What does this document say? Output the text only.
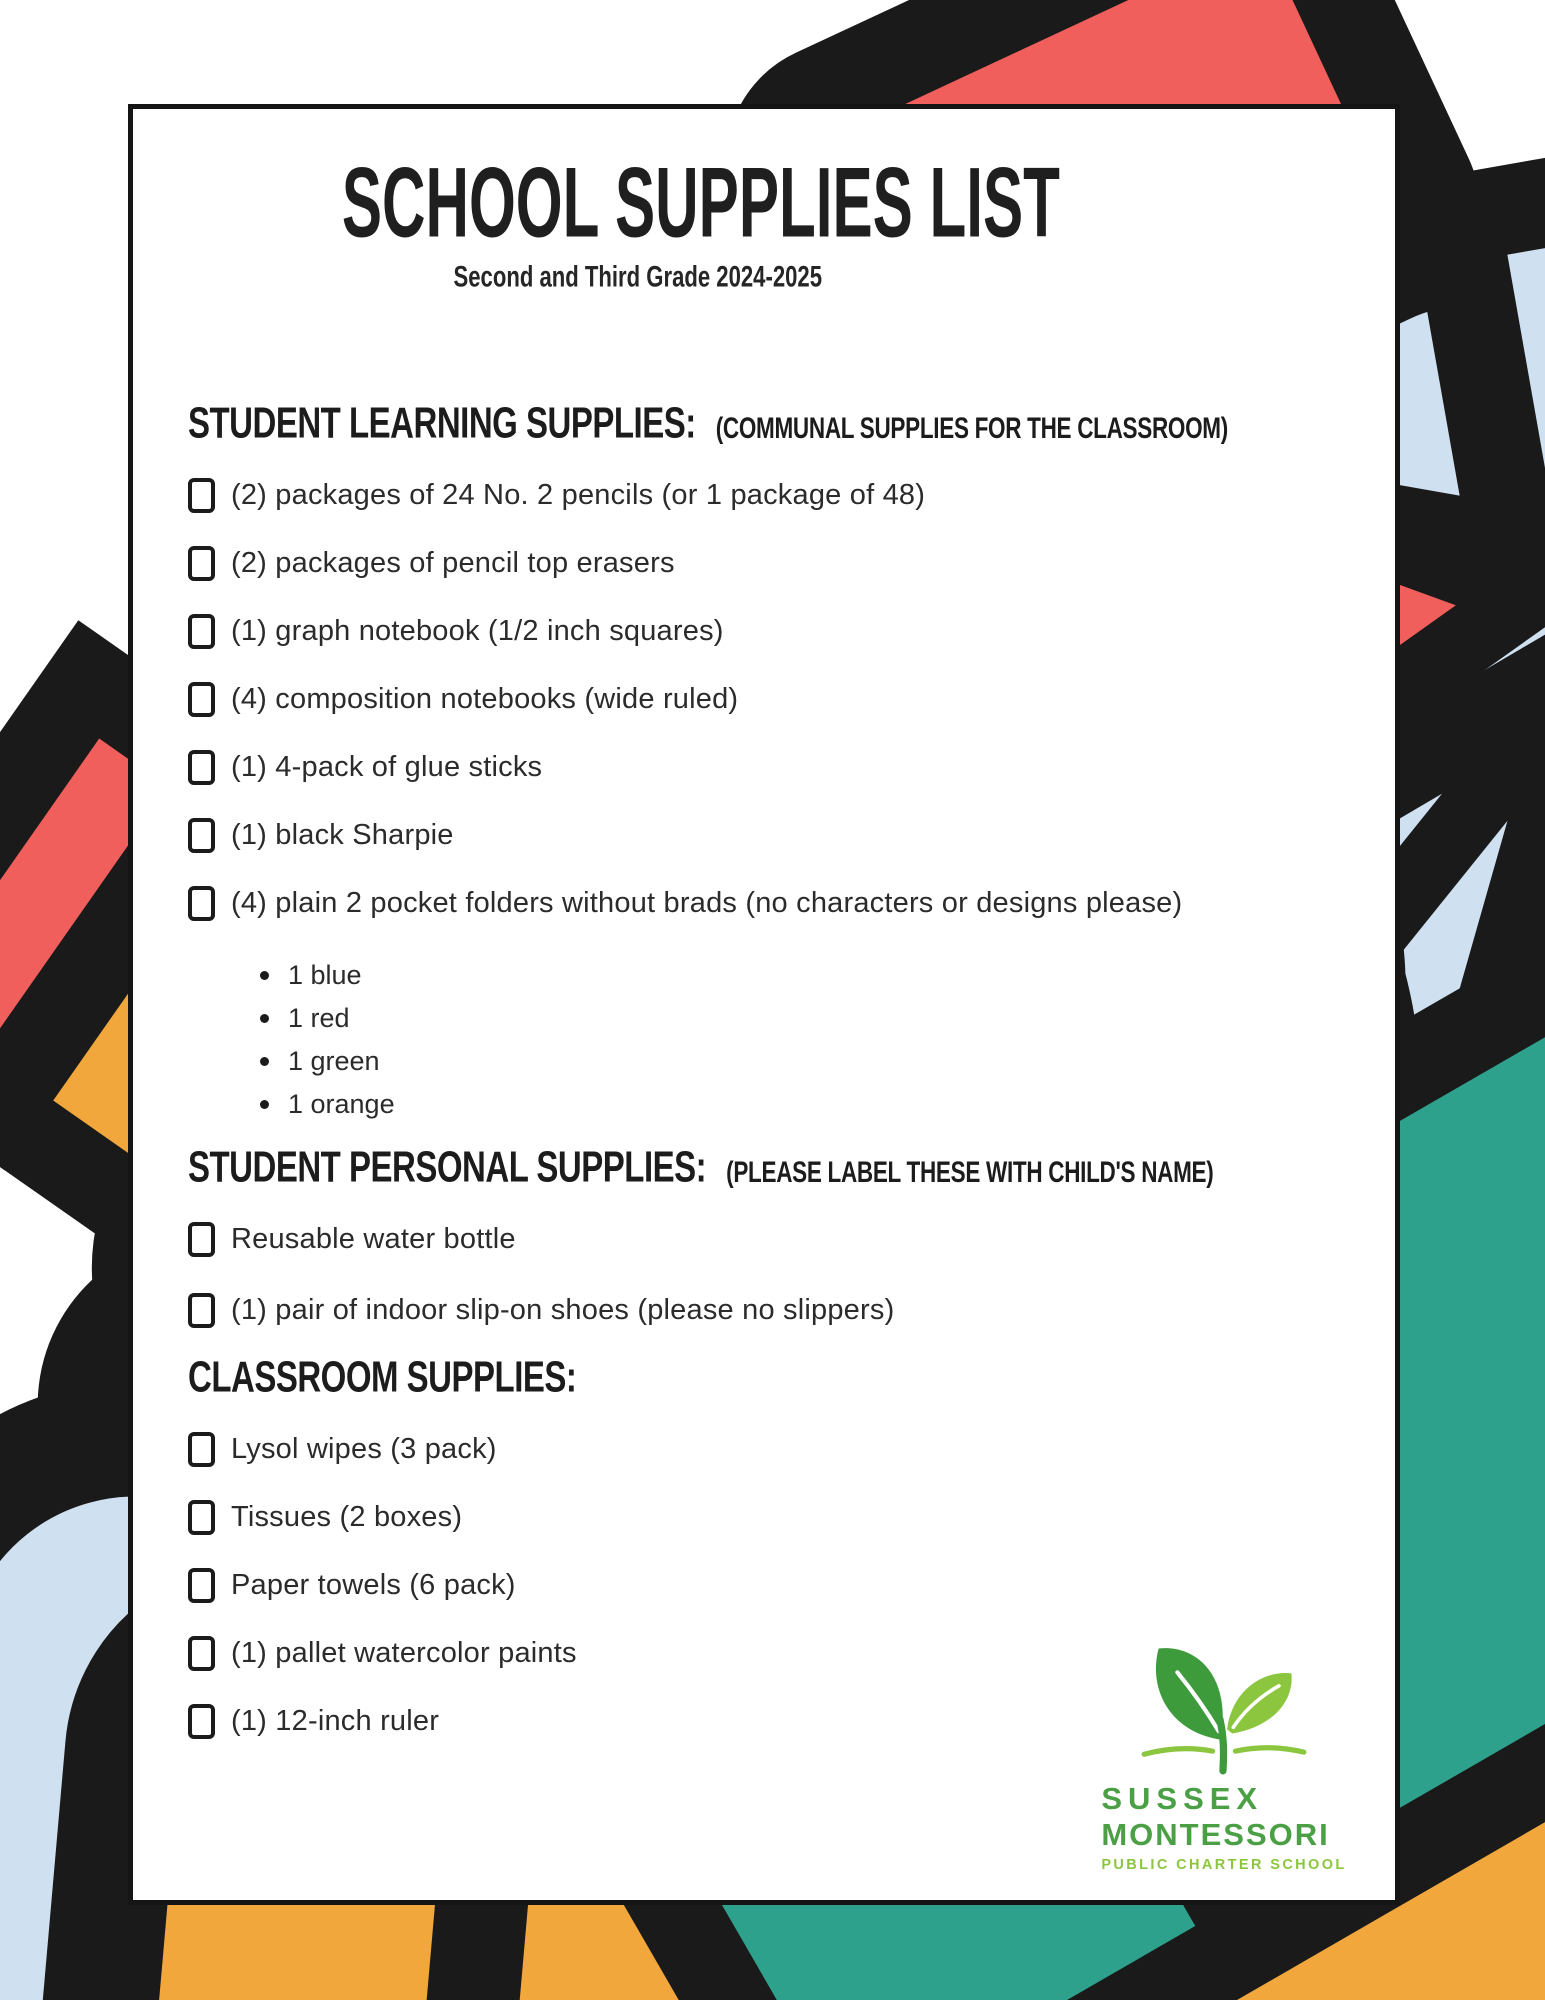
SCHOOL SUPPLIES LIST
Second and Third Grade 2024-2025
STUDENT LEARNING SUPPLIES: (COMMUNAL SUPPLIES FOR THE CLASSROOM)
(2) packages of 24 No. 2 pencils (or 1 package of 48)
(2) packages of pencil top erasers
(1) graph notebook (1/2 inch squares)
(4) composition notebooks (wide ruled)
(1) 4-pack of glue sticks
(1) black Sharpie
(4) plain 2 pocket folders without brads (no characters or designs please)
1 blue
1 red
1 green
1 orange
STUDENT PERSONAL SUPPLIES: (PLEASE LABEL THESE WITH CHILD'S NAME)
Reusable water bottle
(1) pair of indoor slip-on shoes (please no slippers)
CLASSROOM SUPPLIES:
Lysol wipes (3 pack)
Tissues (2 boxes)
Paper towels (6 pack)
(1) pallet watercolor paints
(1) 12-inch ruler

SUSSEX
MONTESSORI
PUBLIC CHARTER SCHOOL
